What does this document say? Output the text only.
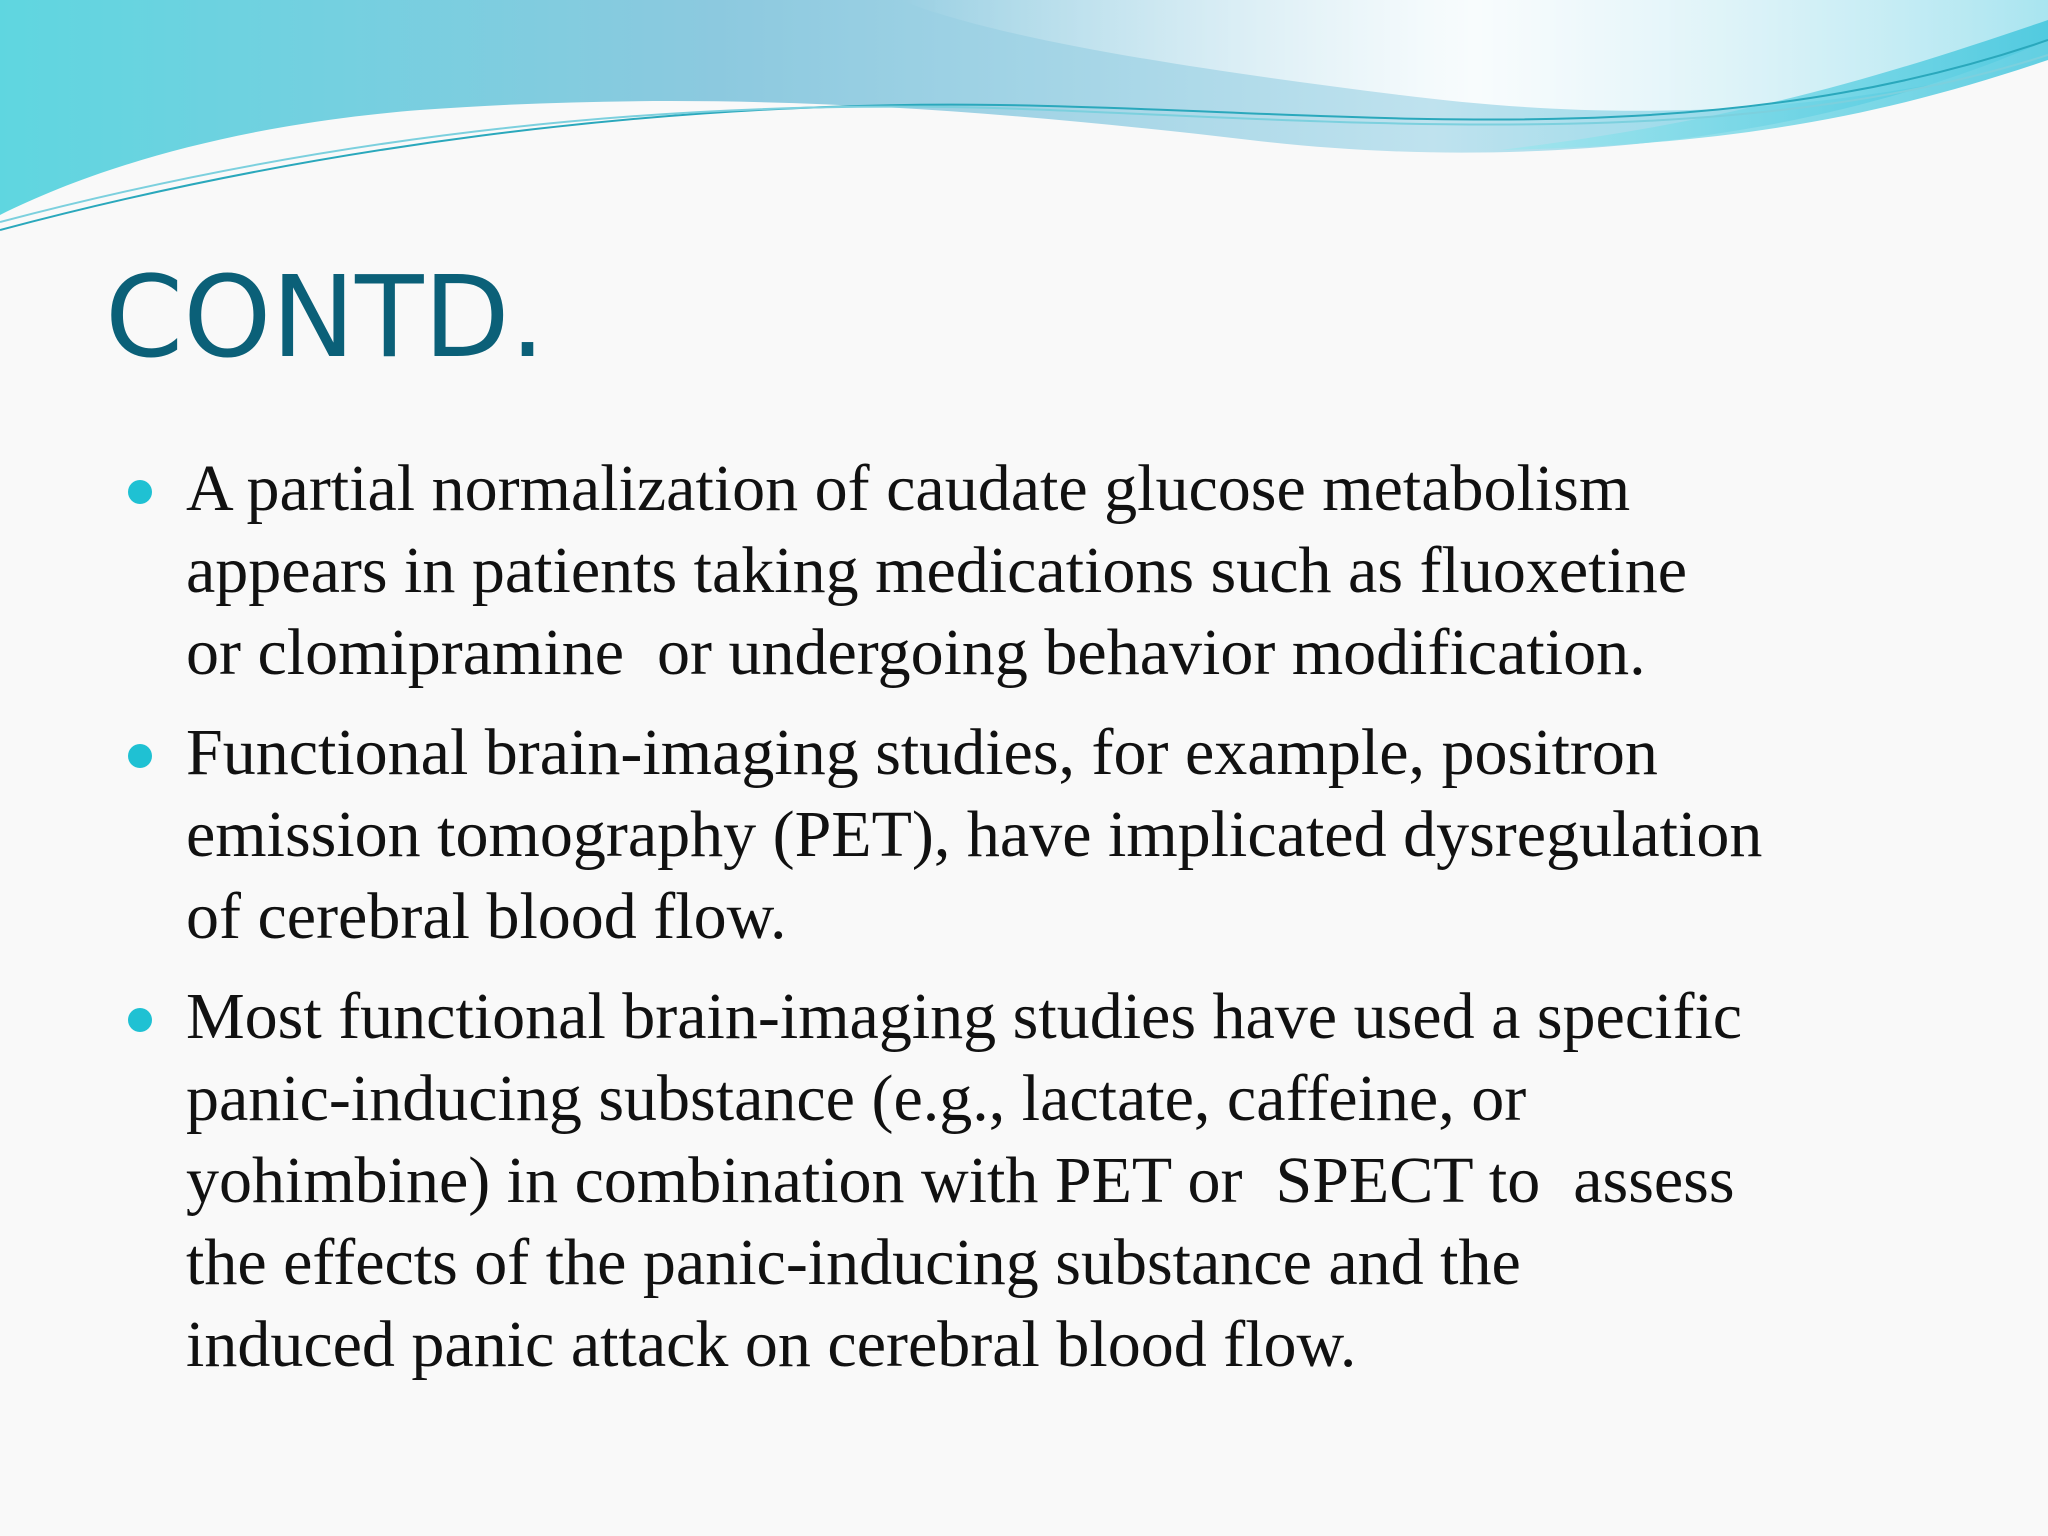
CONTD.
A partial normalization of caudate glucose metabolism
appears in patients taking medications such as fluoxetine
or clomipramine  or undergoing behavior modification.
Functional brain-imaging studies, for example, positron
emission tomography (PET), have implicated dysregulation
of cerebral blood flow.
Most functional brain-imaging studies have used a specific
panic-inducing substance (e.g., lactate, caffeine, or
yohimbine) in combination with PET or  SPECT to  assess
the effects of the panic-inducing substance and the
induced panic attack on cerebral blood flow.
